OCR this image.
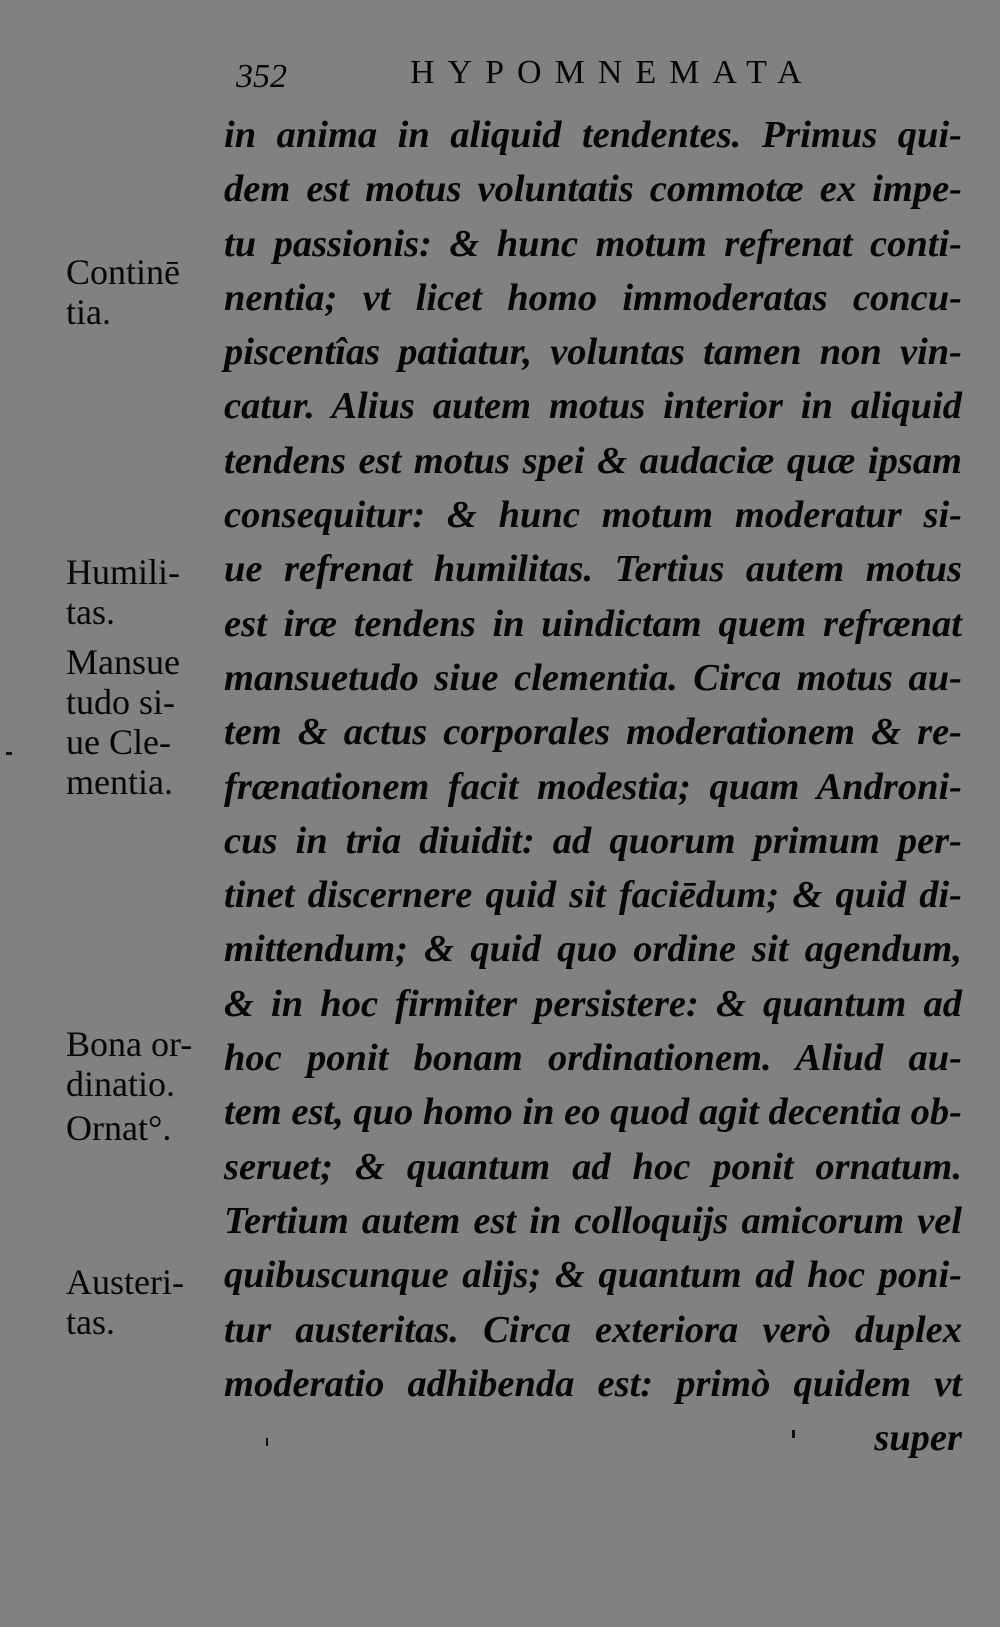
352	HYPOMNEMATA
in anima in aliquid tendentes. Primus qui-
dem est motus voluntatis commotæ ex impe-
tu passionis: & hunc motum refrenat conti-
nentia; vt licet homo immoderatas concu-
piscentîas patiatur, voluntas tamen non vin-
catur. Alius autem motus interior in aliquid
tendens est motus spei & audaciæ quæ ipsam
consequitur: & hunc motum moderatur si-
ue refrenat humilitas. Tertius autem motus
est iræ tendens in uindictam quem refrænat
mansuetudo siue clementia. Circa motus au-
tem & actus corporales moderationem & re-
frænationem facit modestia; quam Androni-
cus in tria diuidit: ad quorum primum per-
tinet discernere quid sit faciēdum; & quid di-
mittendum; & quid quo ordine sit agendum,
& in hoc firmiter persistere: & quantum ad
hoc ponit bonam ordinationem. Aliud au-
tem est, quo homo in eo quod agit decentia ob-
seruet; & quantum ad hoc ponit ornatum.
Tertium autem est in colloquijs amicorum vel
quibuscunque alijs; & quantum ad hoc poni-
tur austeritas. Circa exteriora verò duplex
moderatio adhibenda est: primò quidem vt
super
Continē
tia.
Humili-
tas.
Mansue
tudo si-
ue Cle-
mentia.
Bona or-
dinatio.
Ornat°.
Austeri-
tas.
